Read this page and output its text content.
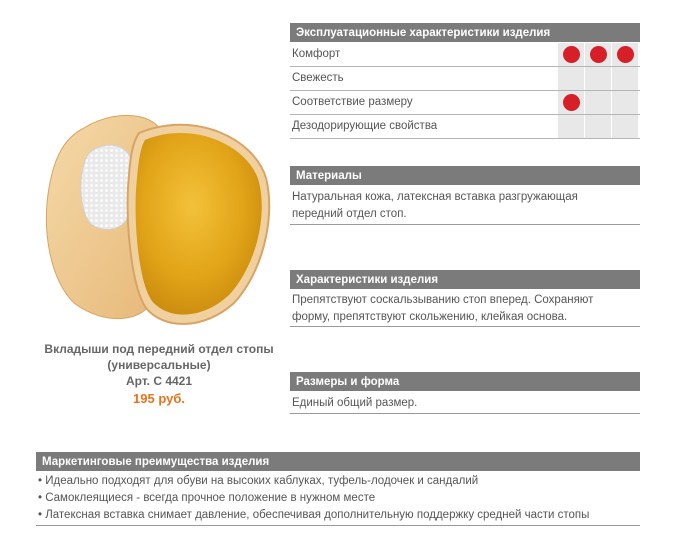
Вкладыши под передний отдел стопы
(универсальные)
Арт. С 4421
195 руб.
Эксплуатационные характеристики изделия
Комфорт
Свежесть
Соответствие размеру
Дезодорирующие свойства
Материалы
Натуральная кожа, латексная вставка разгружающая
передний отдел стоп.
Характеристики изделия
Препятствуют соскальзыванию стоп вперед. Сохраняют
форму, препятствуют скольжению, клейкая основа.
Размеры и форма
Единый общий размер.
Маркетинговые преимущества изделия
• Идеально подходят для обуви на высоких каблуках, туфель-лодочек и сандалий
• Самоклеящиеся - всегда прочное положение в нужном месте
• Латексная вставка снимает давление, обеспечивая дополнительную поддержку средней части стопы
